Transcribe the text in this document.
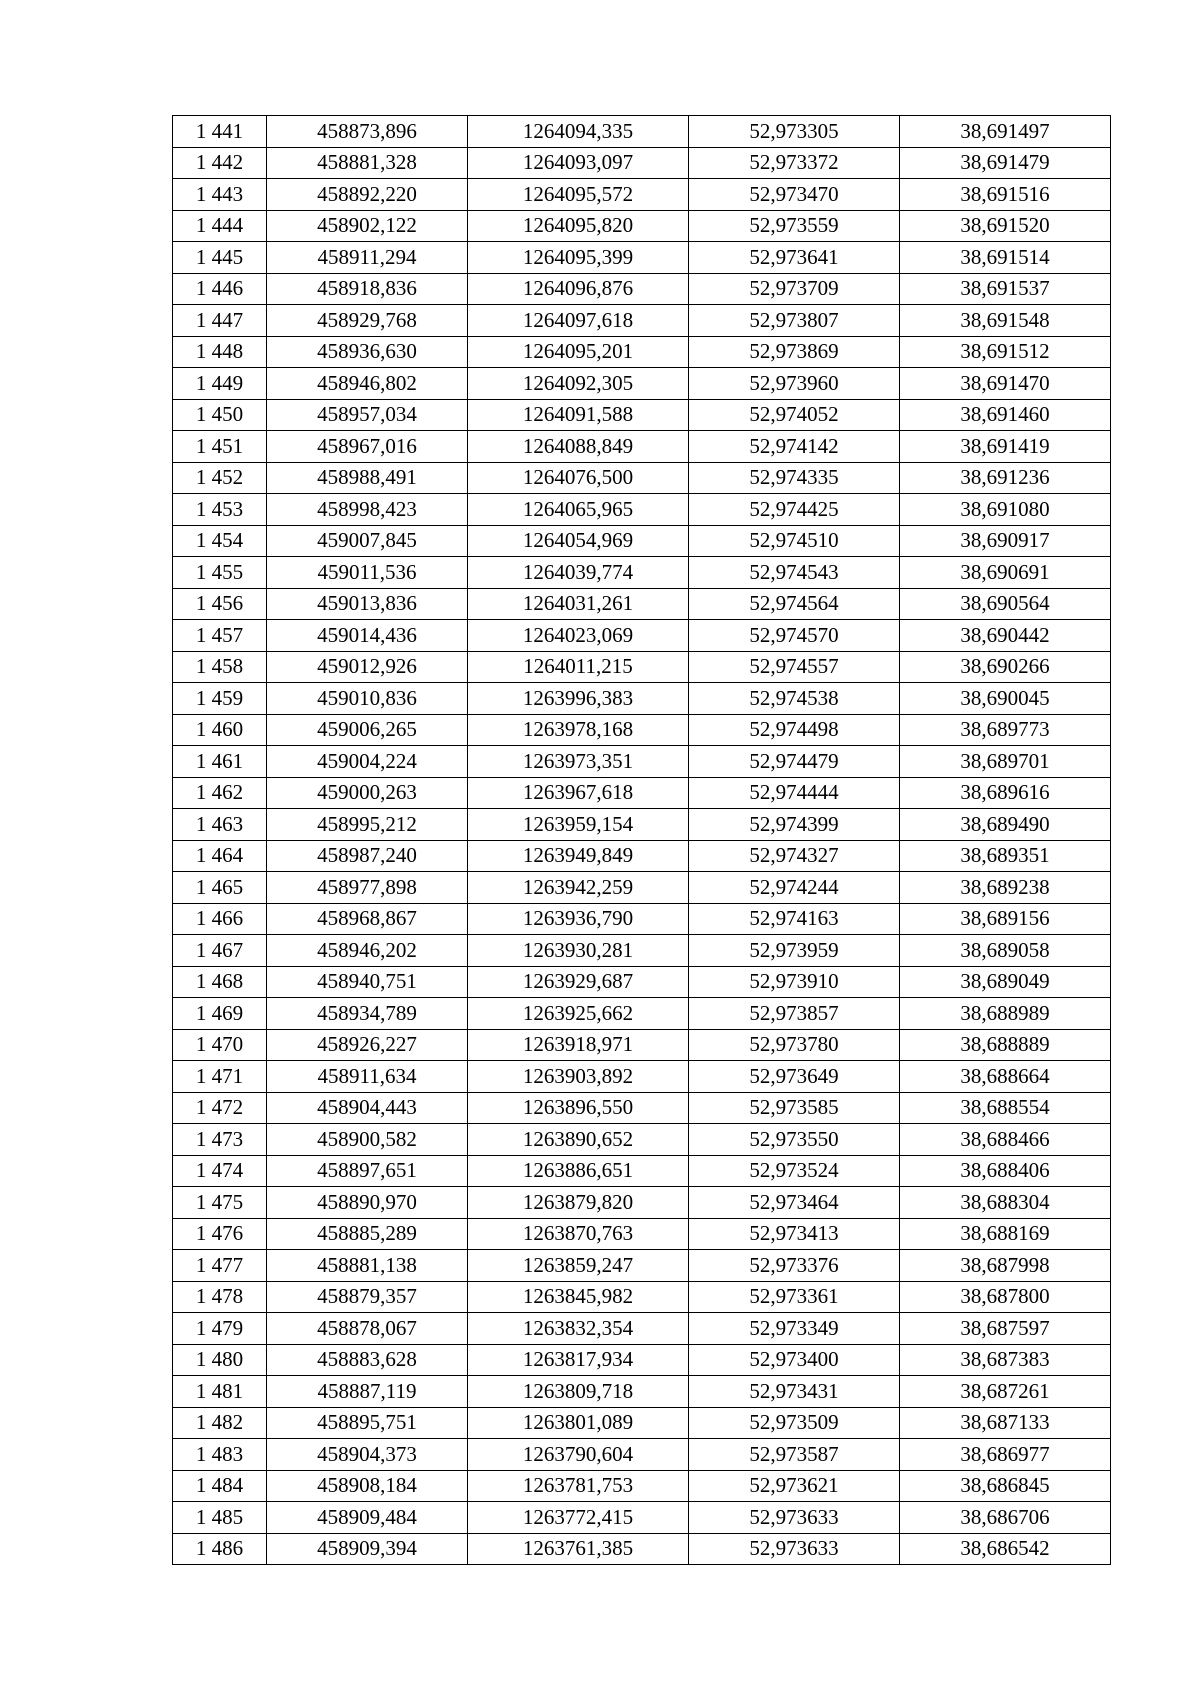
1 441	458873,896	1264094,335	52,973305	38,691497
1 442	458881,328	1264093,097	52,973372	38,691479
1 443	458892,220	1264095,572	52,973470	38,691516
1 444	458902,122	1264095,820	52,973559	38,691520
1 445	458911,294	1264095,399	52,973641	38,691514
1 446	458918,836	1264096,876	52,973709	38,691537
1 447	458929,768	1264097,618	52,973807	38,691548
1 448	458936,630	1264095,201	52,973869	38,691512
1 449	458946,802	1264092,305	52,973960	38,691470
1 450	458957,034	1264091,588	52,974052	38,691460
1 451	458967,016	1264088,849	52,974142	38,691419
1 452	458988,491	1264076,500	52,974335	38,691236
1 453	458998,423	1264065,965	52,974425	38,691080
1 454	459007,845	1264054,969	52,974510	38,690917
1 455	459011,536	1264039,774	52,974543	38,690691
1 456	459013,836	1264031,261	52,974564	38,690564
1 457	459014,436	1264023,069	52,974570	38,690442
1 458	459012,926	1264011,215	52,974557	38,690266
1 459	459010,836	1263996,383	52,974538	38,690045
1 460	459006,265	1263978,168	52,974498	38,689773
1 461	459004,224	1263973,351	52,974479	38,689701
1 462	459000,263	1263967,618	52,974444	38,689616
1 463	458995,212	1263959,154	52,974399	38,689490
1 464	458987,240	1263949,849	52,974327	38,689351
1 465	458977,898	1263942,259	52,974244	38,689238
1 466	458968,867	1263936,790	52,974163	38,689156
1 467	458946,202	1263930,281	52,973959	38,689058
1 468	458940,751	1263929,687	52,973910	38,689049
1 469	458934,789	1263925,662	52,973857	38,688989
1 470	458926,227	1263918,971	52,973780	38,688889
1 471	458911,634	1263903,892	52,973649	38,688664
1 472	458904,443	1263896,550	52,973585	38,688554
1 473	458900,582	1263890,652	52,973550	38,688466
1 474	458897,651	1263886,651	52,973524	38,688406
1 475	458890,970	1263879,820	52,973464	38,688304
1 476	458885,289	1263870,763	52,973413	38,688169
1 477	458881,138	1263859,247	52,973376	38,687998
1 478	458879,357	1263845,982	52,973361	38,687800
1 479	458878,067	1263832,354	52,973349	38,687597
1 480	458883,628	1263817,934	52,973400	38,687383
1 481	458887,119	1263809,718	52,973431	38,687261
1 482	458895,751	1263801,089	52,973509	38,687133
1 483	458904,373	1263790,604	52,973587	38,686977
1 484	458908,184	1263781,753	52,973621	38,686845
1 485	458909,484	1263772,415	52,973633	38,686706
1 486	458909,394	1263761,385	52,973633	38,686542
